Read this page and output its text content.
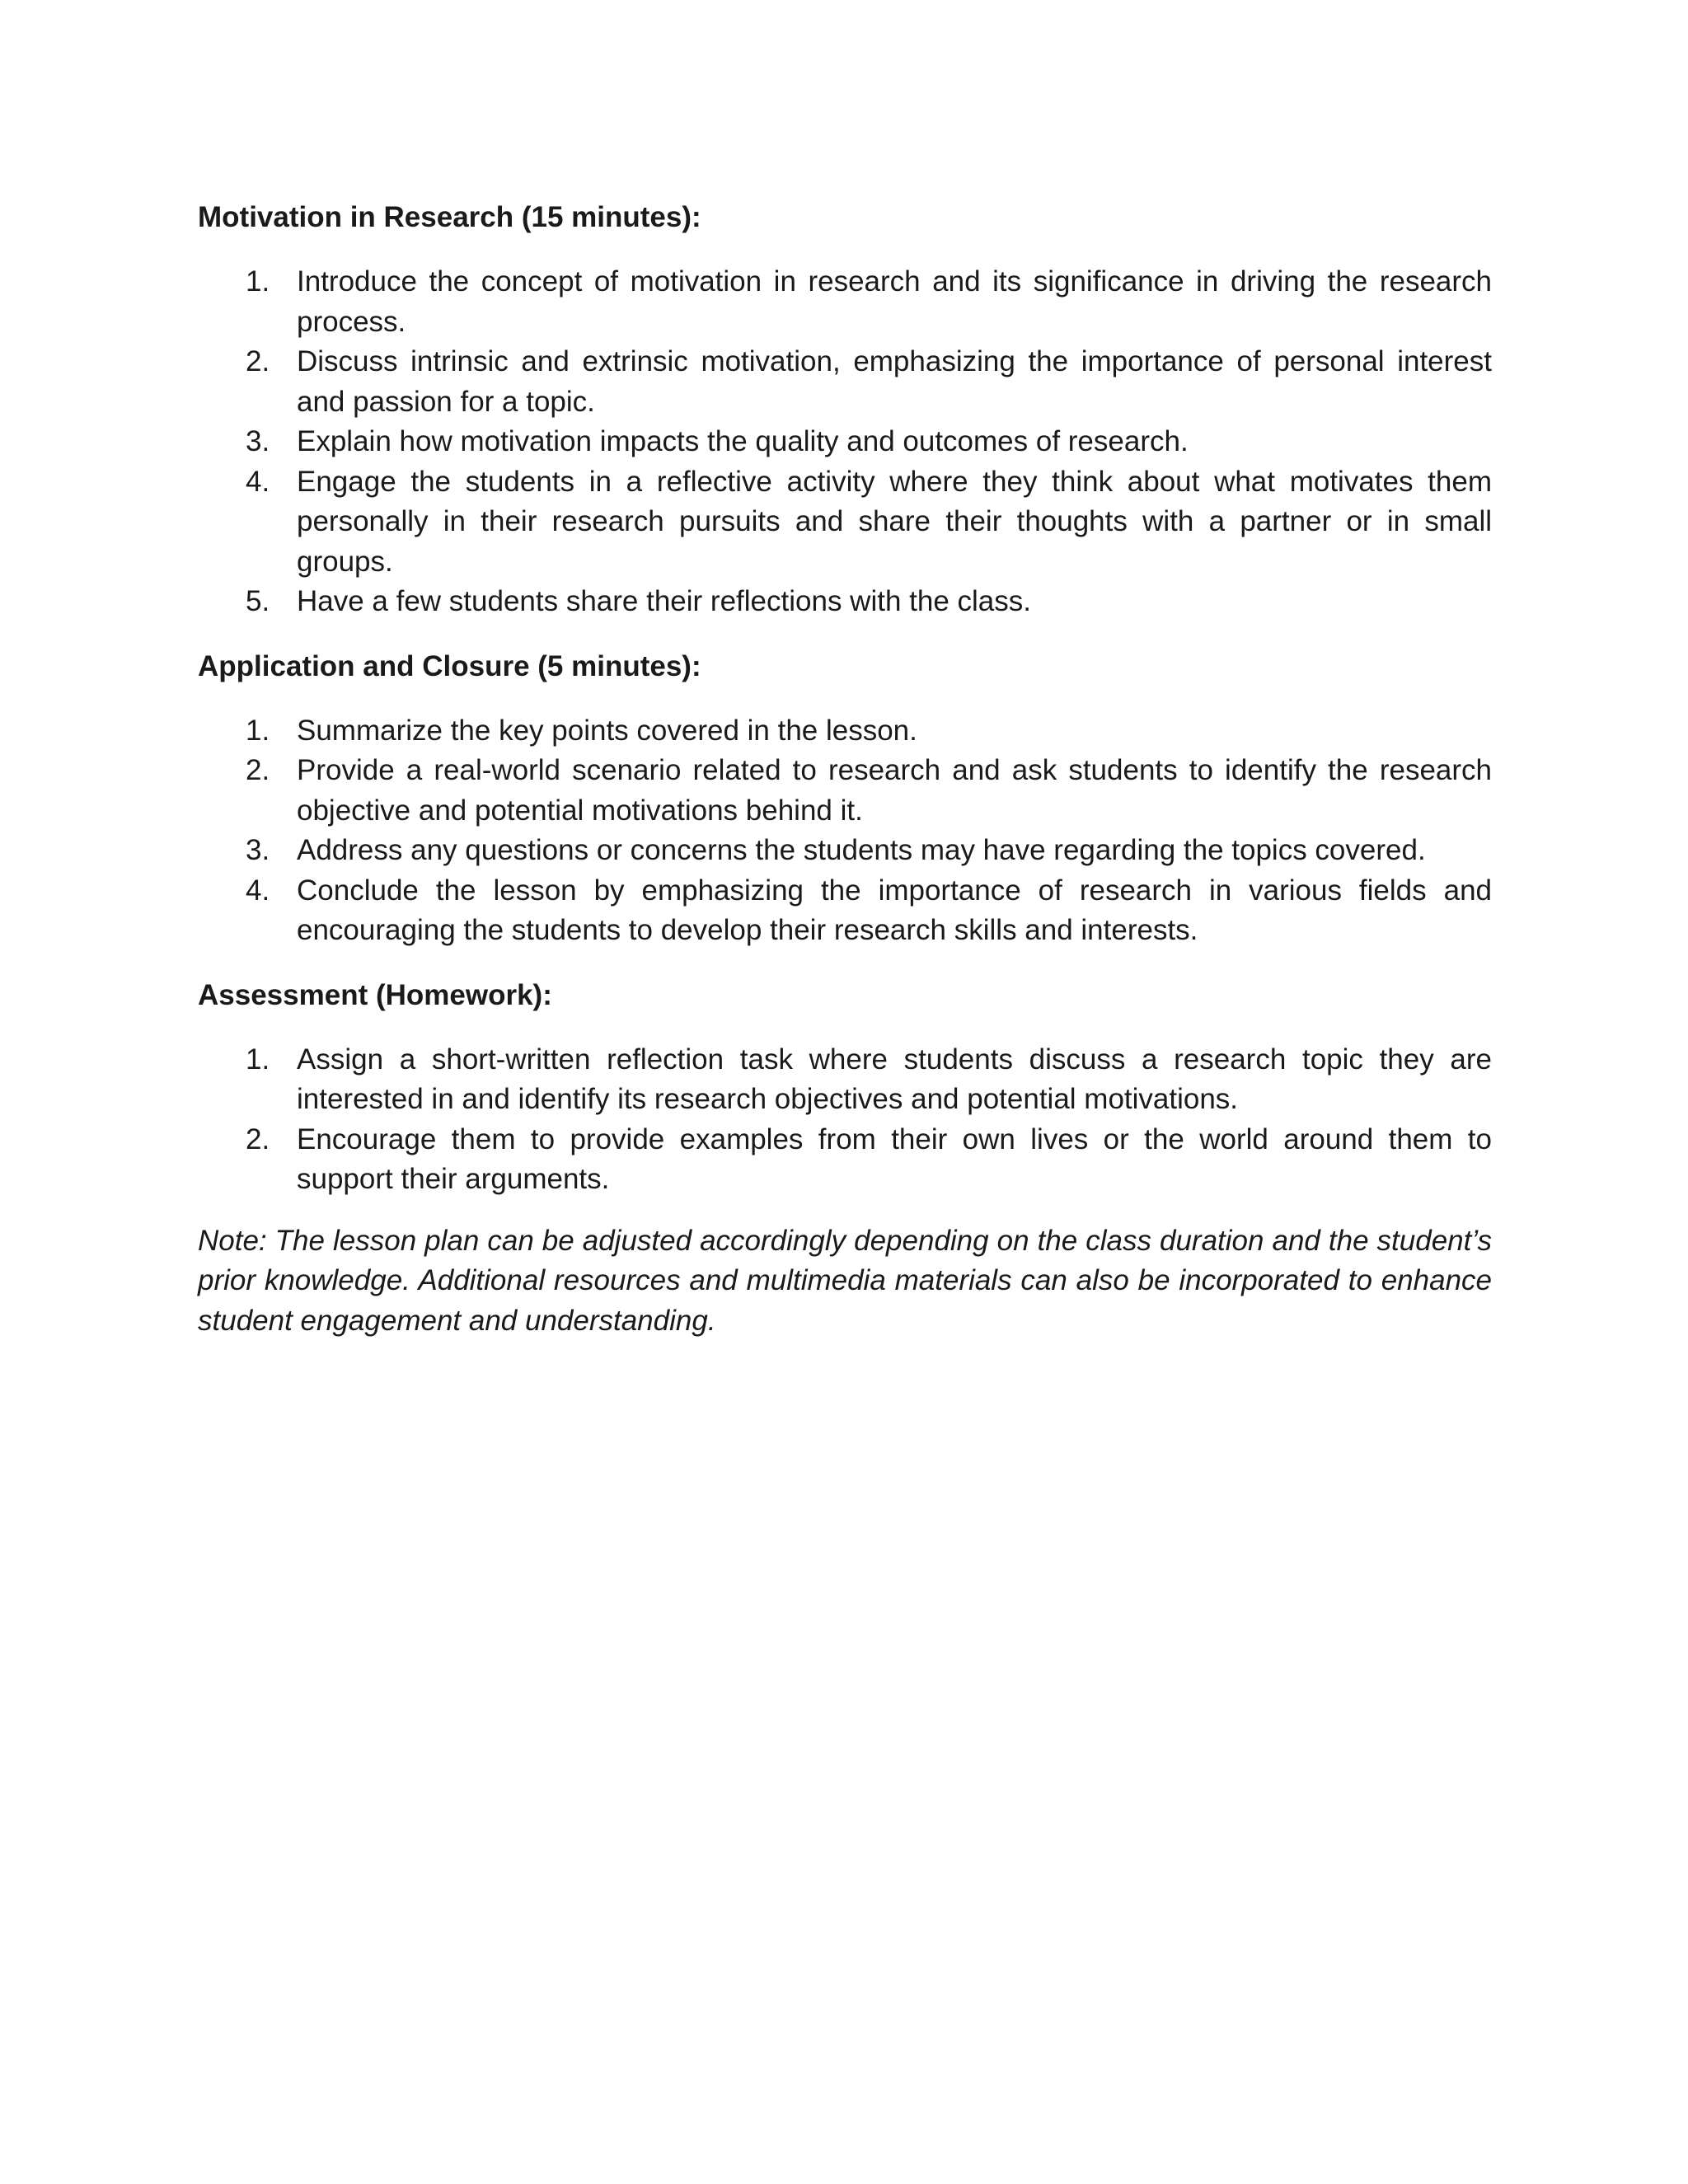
Motivation in Research (15 minutes):
1. Introduce the concept of motivation in research and its significance in driving the research process.
2. Discuss intrinsic and extrinsic motivation, emphasizing the importance of personal interest and passion for a topic.
3. Explain how motivation impacts the quality and outcomes of research.
4. Engage the students in a reflective activity where they think about what motivates them personally in their research pursuits and share their thoughts with a partner or in small groups.
5. Have a few students share their reflections with the class.
Application and Closure (5 minutes):
1. Summarize the key points covered in the lesson.
2. Provide a real-world scenario related to research and ask students to identify the research objective and potential motivations behind it.
3. Address any questions or concerns the students may have regarding the topics covered.
4. Conclude the lesson by emphasizing the importance of research in various fields and encouraging the students to develop their research skills and interests.
Assessment (Homework):
1. Assign a short-written reflection task where students discuss a research topic they are interested in and identify its research objectives and potential motivations.
2. Encourage them to provide examples from their own lives or the world around them to support their arguments.

Note: The lesson plan can be adjusted accordingly depending on the class duration and the student’s prior knowledge. Additional resources and multimedia materials can also be incorporated to enhance student engagement and understanding.
